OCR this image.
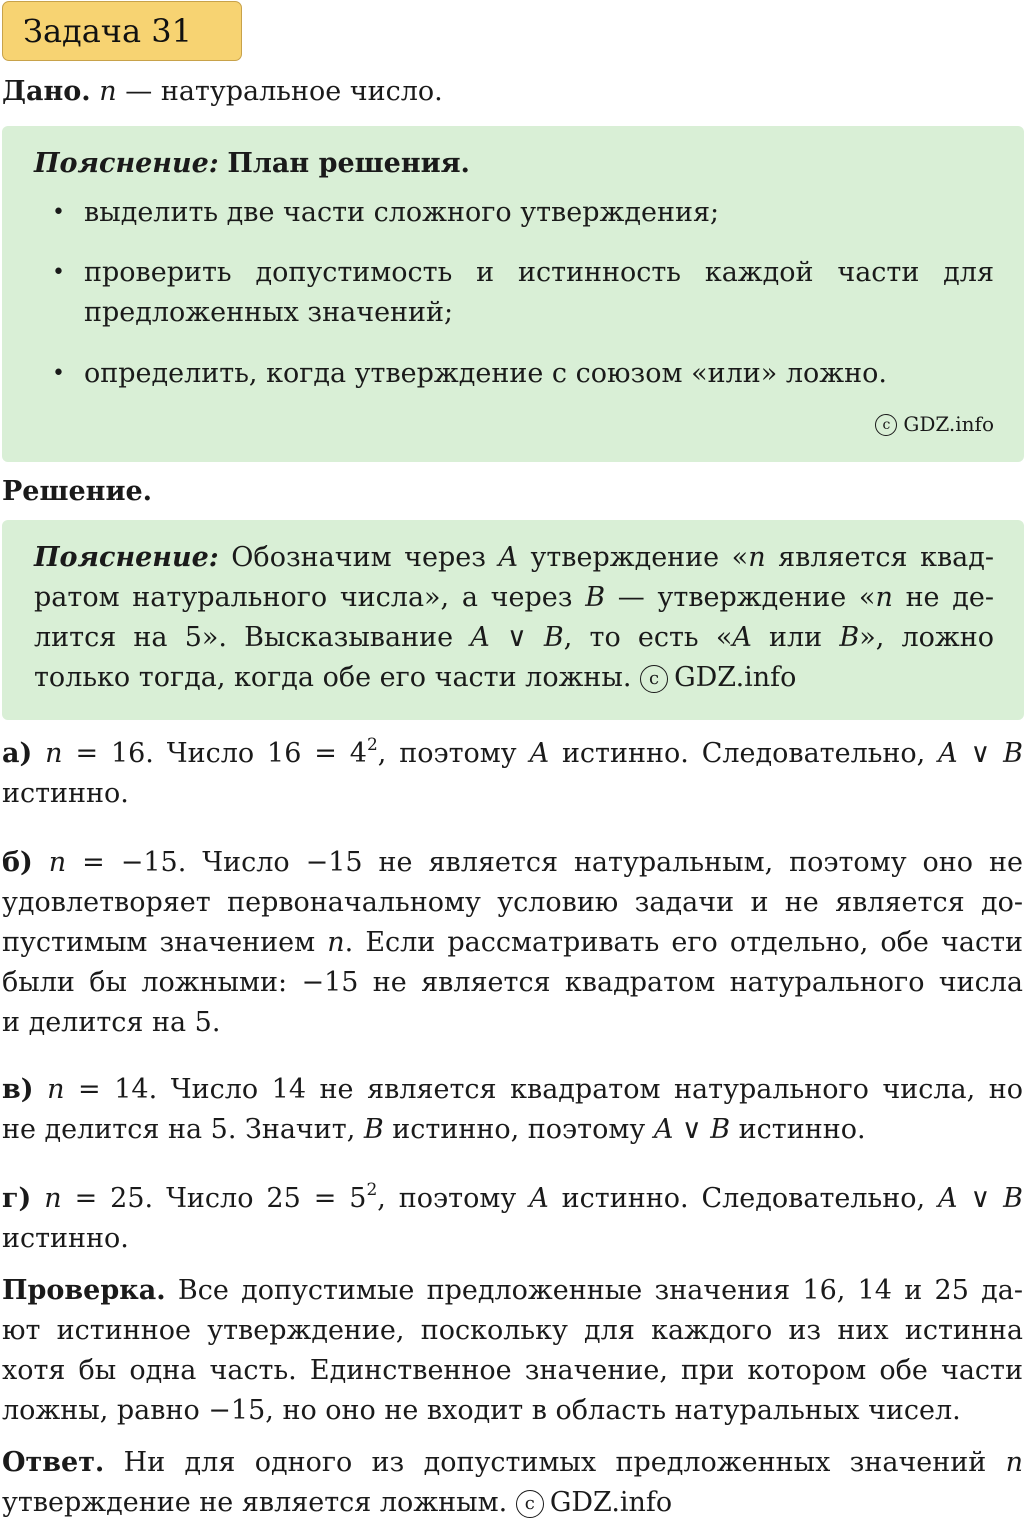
Задача 31
Дано. n — натуральное число.
Пояснение: План решения.
• выделить две части сложного утверждения;
• проверить допустимость и истинность каждой части для
предложенных значений;
• определить, когда утверждение с союзом «или» ложно.
c GDZ.info
Решение.
Пояснение: Обозначим через A утверждение «n является квад-
ратом натурального числа», а через B — утверждение «n не де-
лится на 5». Высказывание A ∨ B, то есть «A или B», ложно
только тогда, когда обе его части ложны. c GDZ.info
а) n = 16. Число $16 = 4^2$, поэтому A истинно. Следовательно, A ∨ B
истинно.
б) n = −15. Число −15 не является натуральным, поэтому оно не
удовлетворяет первоначальному условию задачи и не является до-
пустимым значением n. Если рассматривать его отдельно, обе части
были бы ложными: −15 не является квадратом натурального числа
и делится на 5.
в) n = 14. Число 14 не является квадратом натурального числа, но
не делится на 5. Значит, B истинно, поэтому A ∨ B истинно.
г) n = 25. Число $25 = 5^2$, поэтому A истинно. Следовательно, A ∨ B
истинно.
Проверка. Все допустимые предложенные значения 16, 14 и 25 да-
ют истинное утверждение, поскольку для каждого из них истинна
хотя бы одна часть. Единственное значение, при котором обе части
ложны, равно −15, но оно не входит в область натуральных чисел.
Ответ. Ни для одного из допустимых предложенных значений n
утверждение не является ложным. c GDZ.info
